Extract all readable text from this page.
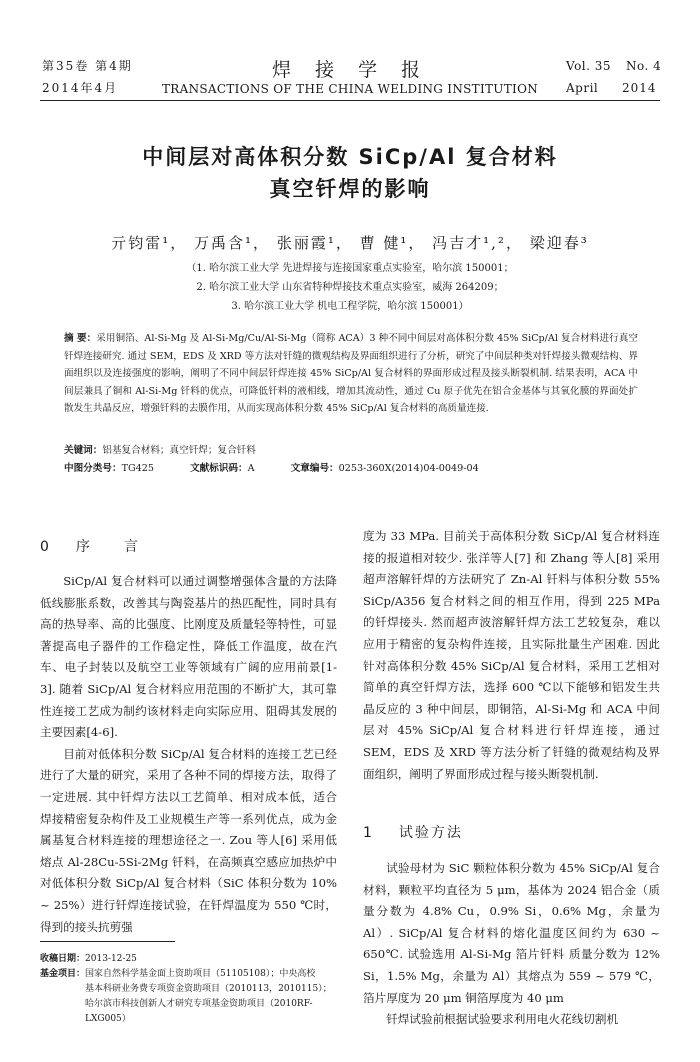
第35卷 第4期
2014年4月
焊接学报
TRANSACTIONS OF THE CHINA WELDING INSTITUTION
Vol. 35 No. 4
April 2014
中间层对高体积分数 SiCp/Al 复合材料
真空钎焊的影响
亓钧雷¹， 万禹含¹， 张丽霞¹， 曹 健¹， 冯吉才¹,²， 梁迎春³
（1. 哈尔滨工业大学 先进焊接与连接国家重点实验室，哈尔滨 150001；
2. 哈尔滨工业大学 山东省特种焊接技术重点实验室，威海 264209；
3. 哈尔滨工业大学 机电工程学院，哈尔滨 150001）
摘 要：采用铜箔、Al-Si-Mg 及 Al-Si-Mg/Cu/Al-Si-Mg（简称 ACA）3 种不同中间层对高体积分数 45% SiCp/Al 复合材料进行真空钎焊连接研究. 通过 SEM，EDS 及 XRD 等方法对钎缝的微观结构及界面组织进行了分析，研究了中间层种类对钎焊接头微观结构、界面组织以及连接强度的影响，阐明了不同中间层钎焊连接 45% SiCp/Al 复合材料的界面形成过程及接头断裂机制. 结果表明，ACA 中间层兼具了铜和 Al-Si-Mg 钎料的优点，可降低钎料的液相线，增加其流动性，通过 Cu 原子优先在铝合金基体与其氧化膜的界面处扩散发生共晶反应，增强钎料的去膜作用，从而实现高体积分数 45% SiCp/Al 复合材料的高质量连接.
关键词：铝基复合材料；真空钎焊；复合钎料
中图分类号：TG425	文献标识码：A	文章编号：0253-360X(2014)04-0049-04
0 序　　言

SiCp/Al 复合材料可以通过调整增强体含量的方法降低线膨胀系数，改善其与陶瓷基片的热匹配性，同时具有高的热导率、高的比强度、比刚度及质量轻等特性，可显著提高电子器件的工作稳定性，降低工作温度，故在汽车、电子封装以及航空工业等领域有广阔的应用前景[1-3]. 随着 SiCp/Al 复合材料应用范围的不断扩大，其可靠性连接工艺成为制约该材料走向实际应用、阻碍其发展的主要因素[4-6].

目前对低体积分数 SiCp/Al 复合材料的连接工艺已经进行了大量的研究，采用了各种不同的焊接方法，取得了一定进展. 其中钎焊方法以工艺简单、相对成本低，适合焊接精密复杂构件及工业规模生产等一系列优点，成为金属基复合材料连接的理想途径之一. Zou 等人[6] 采用低熔点 Al-28Cu-5Si-2Mg 钎料，在高频真空感应加热炉中对低体积分数 SiCp/Al 复合材料（SiC 体积分数为 10% ~ 25%）进行钎焊连接试验，在钎焊温度为 550 ℃时，得到的接头抗剪强

收稿日期：2013-12-25
基金项目： 国家自然科学基金面上资助项目（51105108）；中央高校
基本科研业务费专项资金资助项目（2010113，2010115）；
哈尔滨市科技创新人才研究专项基金资助项目（2010RF-
LXG005）

度为 33 MPa. 目前关于高体积分数 SiCp/Al 复合材料连接的报道相对较少. 张洋等人[7] 和 Zhang 等人[8] 采用超声溶解钎焊的方法研究了 Zn-Al 钎料与体积分数 55% SiCp/A356 复合材料之间的相互作用，得到 225 MPa 的钎焊接头. 然而超声波溶解钎焊方法工艺较复杂，难以应用于精密的复杂构件连接，且实际批量生产困难. 因此针对高体积分数 45% SiCp/Al 复合材料，采用工艺相对简单的真空钎焊方法，选择 600 ℃以下能够和铝发生共晶反应的 3 种中间层，即铜箔，Al-Si-Mg 和 ACA 中间层对 45% SiCp/Al 复合材料进行钎焊连接，通过 SEM，EDS 及 XRD 等方法分析了钎缝的微观结构及界面组织，阐明了界面形成过程与接头断裂机制.

1 试验方法

试验母材为 SiC 颗粒体积分数为 45% SiCp/Al 复合材料，颗粒平均直径为 5 μm，基体为 2024 铝合金（质量分数为 4.8% Cu，0.9% Si，0.6% Mg，余量为 Al）. SiCp/Al 复合材料的熔化温度区间约为 630 ~ 650℃. 试验选用 Al-Si-Mg 箔片钎料 质量分数为 12% Si，1.5% Mg，余量为 Al）其熔点为 559 ~ 579 ℃，箔片厚度为 20 μm 铜箔厚度为 40 μm

钎焊试验前根据试验要求利用电火花线切割机
